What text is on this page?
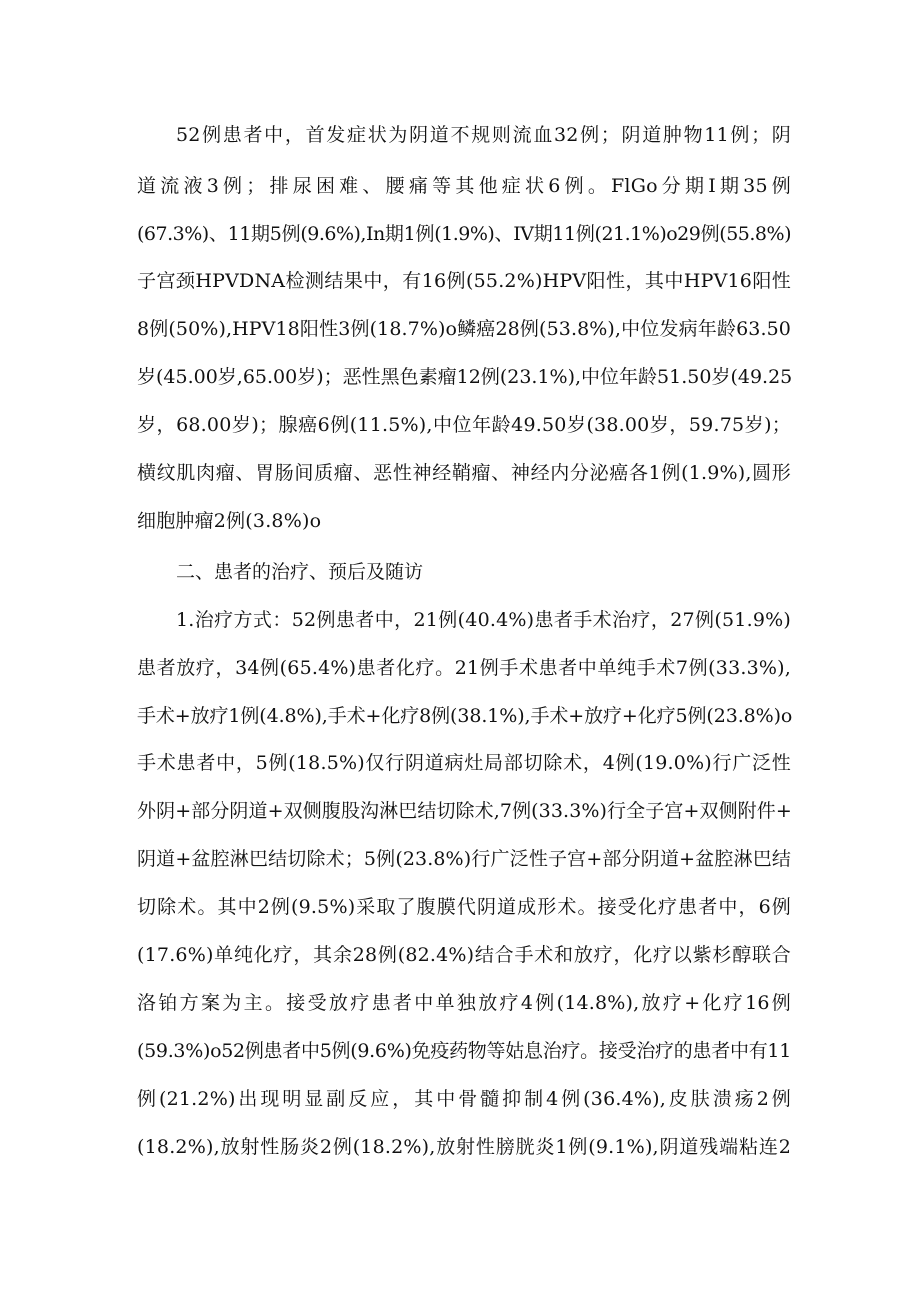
52例患者中，首发症状为阴道不规则流血32例；阴道肿物11例；阴
道流液3例；排尿困难、腰痛等其他症状6例。FlGo分期I期35例
(67.3%)、11期5例(9.6%),In期1例(1.9%)、IV期11例(21.1%)o29例(55.8%)
子宫颈HPVDNA检测结果中，有16例(55.2%)HPV阳性，其中HPV16阳性
8例(50%),HPV18阳性3例(18.7%)o鳞癌28例(53.8%),中位发病年龄63.50
岁(45.00岁,65.00岁)；恶性黑色素瘤12例(23.1%),中位年龄51.50岁(49.25
岁，68.00岁)；腺癌6例(11.5%),中位年龄49.50岁(38.00岁，59.75岁)；
横纹肌肉瘤、胃肠间质瘤、恶性神经鞘瘤、神经内分泌癌各1例(1.9%),圆形
细胞肿瘤2例(3.8%)o
二、患者的治疗、预后及随访
1.治疗方式：52例患者中，21例(40.4%)患者手术治疗，27例(51.9%)
患者放疗，34例(65.4%)患者化疗。21例手术患者中单纯手术7例(33.3%),
手术+放疗1例(4.8%),手术+化疗8例(38.1%),手术+放疗+化疗5例(23.8%)o
手术患者中，5例(18.5%)仅行阴道病灶局部切除术，4例(19.0%)行广泛性
外阴+部分阴道+双侧腹股沟淋巴结切除术,7例(33.3%)行全子宫+双侧附件+
阴道+盆腔淋巴结切除术；5例(23.8%)行广泛性子宫+部分阴道+盆腔淋巴结
切除术。其中2例(9.5%)采取了腹膜代阴道成形术。接受化疗患者中，6例
(17.6%)单纯化疗，其余28例(82.4%)结合手术和放疗，化疗以紫杉醇联合
洛铂方案为主。接受放疗患者中单独放疗4例(14.8%),放疗+化疗16例
(59.3%)o52例患者中5例(9.6%)免疫药物等姑息治疗。接受治疗的患者中有11
例(21.2%)出现明显副反应，其中骨髓抑制4例(36.4%),皮肤溃疡2例
(18.2%),放射性肠炎2例(18.2%),放射性膀胱炎1例(9.1%),阴道残端粘连2
